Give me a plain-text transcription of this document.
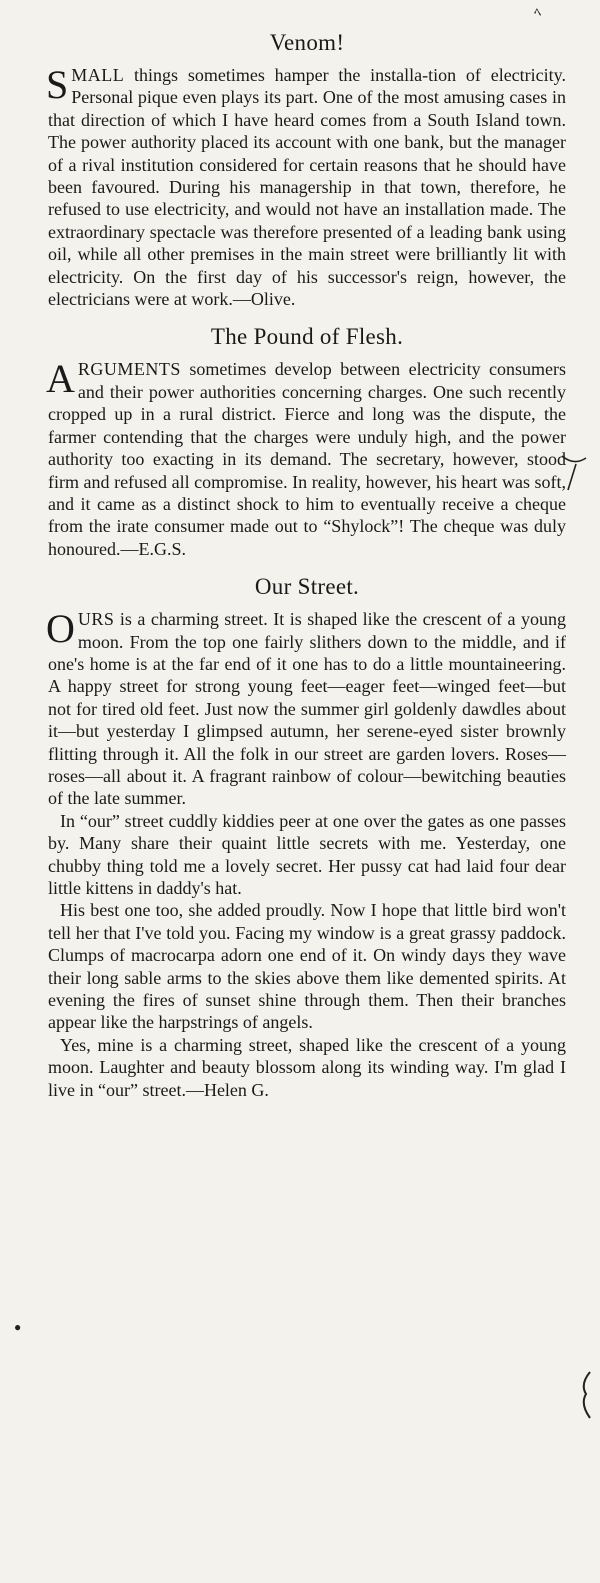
ﾍ
●
Venom!

SMALL things sometimes hamper the installa-tion of electricity. Personal pique even plays its part. One of the most amusing cases in that direction of which I have heard comes from a South Island town. The power authority placed its account with one bank, but the manager of a rival institution considered for certain reasons that he should have been favoured. During his managership in that town, therefore, he refused to use electricity, and would not have an installation made. The extraordinary spectacle was therefore presented of a leading bank using oil, while all other premises in the main street were brilliantly lit with electricity. On the first day of his successor's reign, however, the electricians were at work.—Olive.

The Pound of Flesh.

ARGUMENTS sometimes develop between electricity consumers and their power authorities concerning charges. One such recently cropped up in a rural district. Fierce and long was the dispute, the farmer contending that the charges were unduly high, and the power authority too exacting in its demand. The secretary, however, stood firm and refused all compromise. In reality, however, his heart was soft, and it came as a distinct shock to him to eventually receive a cheque from the irate consumer made out to “Shylock”! The cheque was duly honoured.—E.G.S.

Our Street.

OURS is a charming street. It is shaped like the crescent of a young moon. From the top one fairly slithers down to the middle, and if one's home is at the far end of it one has to do a little mountaineering. A happy street for strong young feet—eager feet—winged feet—but not for tired old feet. Just now the summer girl goldenly dawdles about it—but yesterday I glimpsed autumn, her serene-eyed sister brownly flitting through it. All the folk in our street are garden lovers. Roses—roses—all about it. A fragrant rainbow of colour—bewitching beauties of the late summer.

In “our” street cuddly kiddies peer at one over the gates as one passes by. Many share their quaint little secrets with me. Yesterday, one chubby thing told me a lovely secret. Her pussy cat had laid four dear little kittens in daddy's hat.

His best one too, she added proudly. Now I hope that little bird won't tell her that I've told you. Facing my window is a great grassy paddock. Clumps of macrocarpa adorn one end of it. On windy days they wave their long sable arms to the skies above them like demented spirits. At evening the fires of sunset shine through them. Then their branches appear like the harpstrings of angels.

Yes, mine is a charming street, shaped like the crescent of a young moon. Laughter and beauty blossom along its winding way. I'm glad I live in “our” street.—Helen G.
